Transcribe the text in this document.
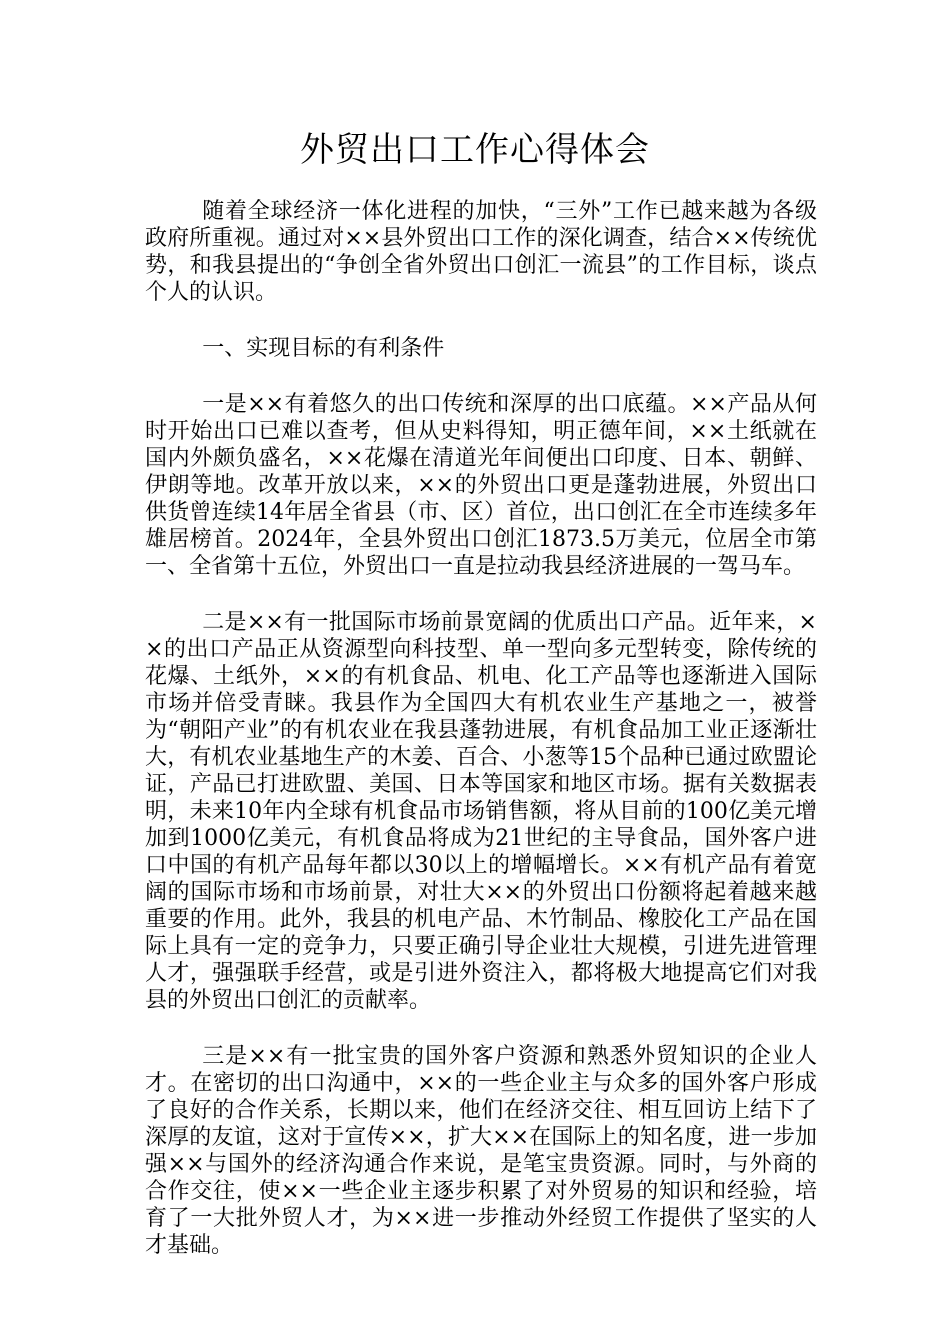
外贸出口工作心得体会

随着全球经济一体化进程的加快，“三外”工作已越来越为各级政府所重视。通过对××县外贸出口工作的深化调查，结合××传统优势，和我县提出的“争创全省外贸出口创汇一流县”的工作目标，谈点个人的认识。

一、实现目标的有利条件

一是××有着悠久的出口传统和深厚的出口底蕴。××产品从何时开始出口已难以查考，但从史料得知，明正德年间，××土纸就在国内外颇负盛名，××花爆在清道光年间便出口印度、日本、朝鲜、伊朗等地。改革开放以来，××的外贸出口更是蓬勃进展，外贸出口供货曾连续14年居全省县（市、区）首位，出口创汇在全市连续多年雄居榜首。2024年，全县外贸出口创汇1873.5万美元，位居全市第一、全省第十五位，外贸出口一直是拉动我县经济进展的一驾马车。

二是××有一批国际市场前景宽阔的优质出口产品。近年来，××的出口产品正从资源型向科技型、单一型向多元型转变，除传统的花爆、土纸外，××的有机食品、机电、化工产品等也逐渐进入国际市场并倍受青睐。我县作为全国四大有机农业生产基地之一，被誉为“朝阳产业”的有机农业在我县蓬勃进展，有机食品加工业正逐渐壮大，有机农业基地生产的木姜、百合、小葱等15个品种已通过欧盟论证，产品已打进欧盟、美国、日本等国家和地区市场。据有关数据表明，未来10年内全球有机食品市场销售额，将从目前的100亿美元增加到1000亿美元，有机食品将成为21世纪的主导食品，国外客户进口中国的有机产品每年都以30以上的增幅增长。××有机产品有着宽阔的国际市场和市场前景，对壮大××的外贸出口份额将起着越来越重要的作用。此外，我县的机电产品、木竹制品、橡胶化工产品在国际上具有一定的竞争力，只要正确引导企业壮大规模，引进先进管理人才，强强联手经营，或是引进外资注入，都将极大地提高它们对我县的外贸出口创汇的贡献率。

三是××有一批宝贵的国外客户资源和熟悉外贸知识的企业人才。在密切的出口沟通中，××的一些企业主与众多的国外客户形成了良好的合作关系，长期以来，他们在经济交往、相互回访上结下了深厚的友谊，这对于宣传××，扩大××在国际上的知名度，进一步加强××与国外的经济沟通合作来说，是笔宝贵资源。同时，与外商的合作交往，使××一些企业主逐步积累了对外贸易的知识和经验，培育了一大批外贸人才，为××进一步推动外经贸工作提供了坚实的人才基础。
